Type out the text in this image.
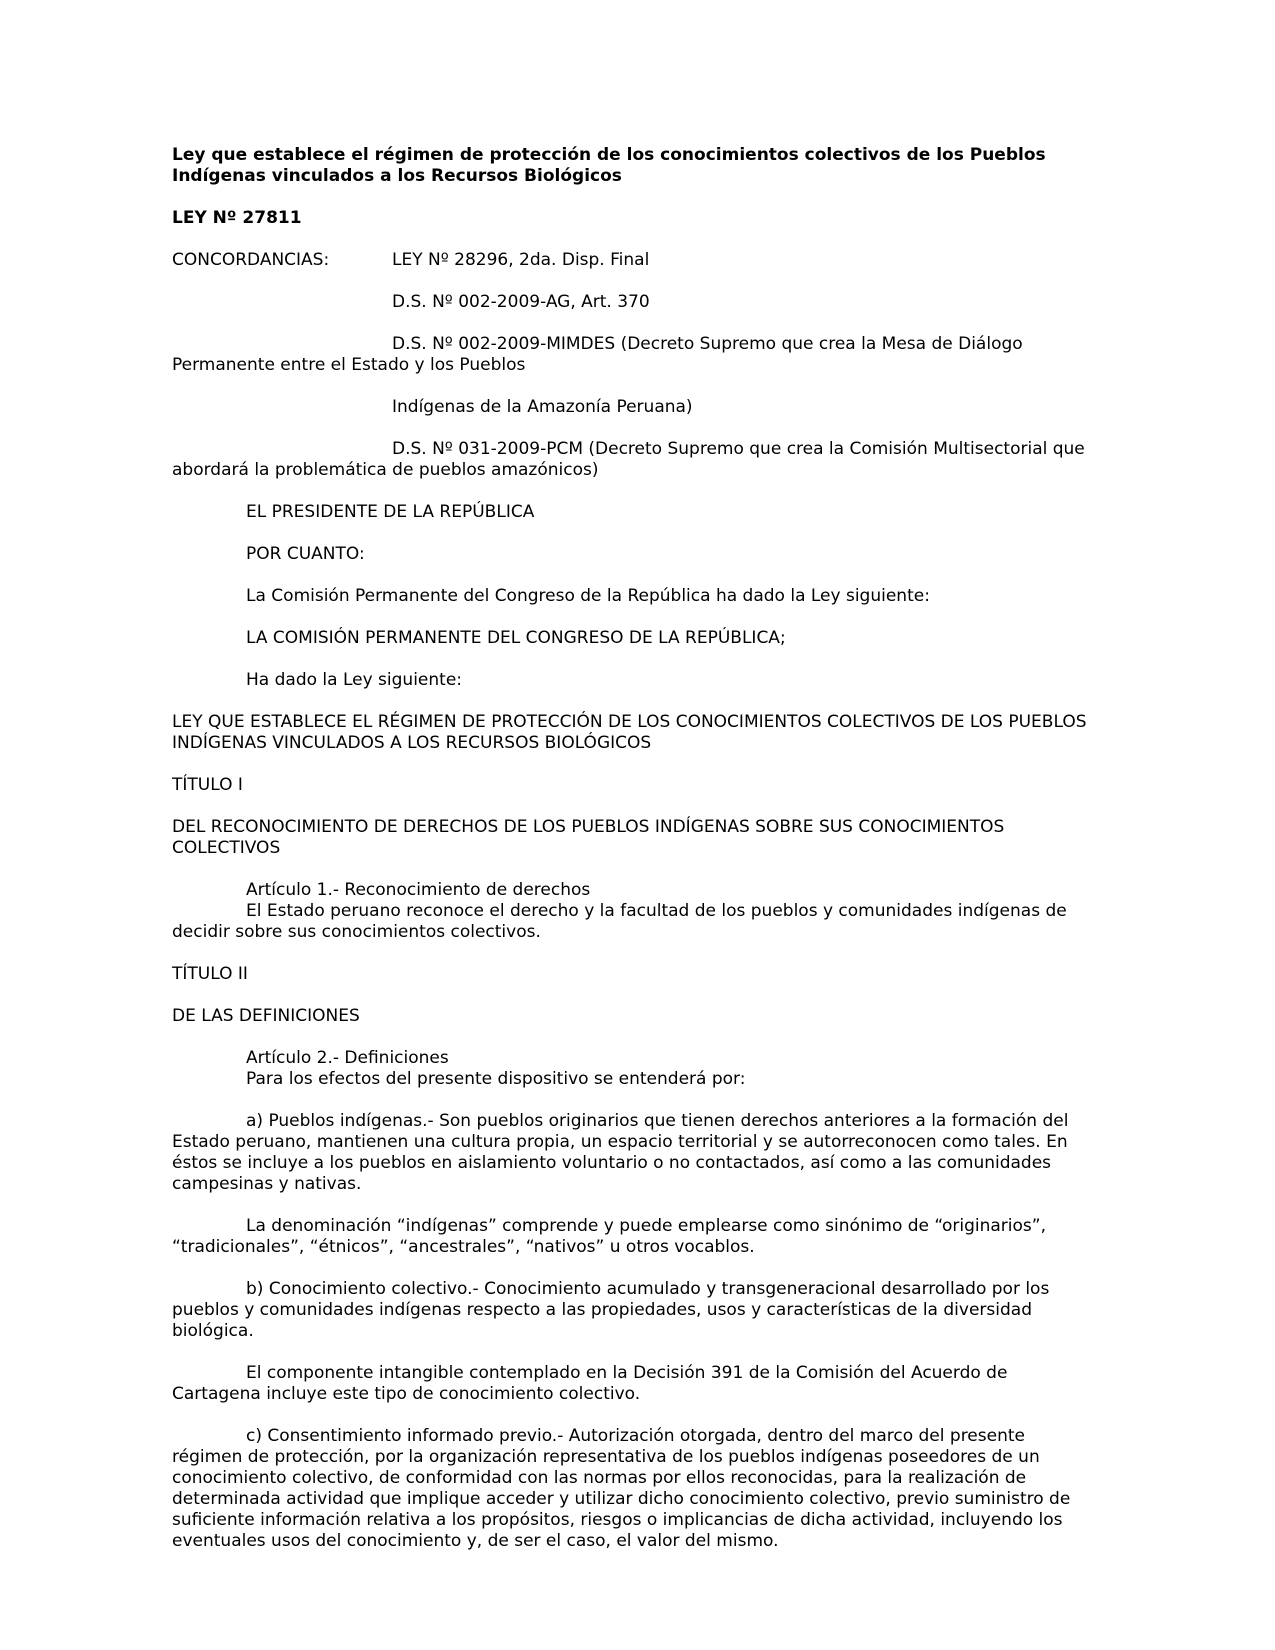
Ley que establece el régimen de protección de los conocimientos colectivos de los Pueblos Indígenas vinculados a los Recursos Biológicos

LEY Nº 27811

CONCORDANCIAS:	LEY Nº 28296, 2da. Disp. Final

D.S. Nº 002-2009-AG, Art. 370

D.S. Nº 002-2009-MIMDES (Decreto Supremo que crea la Mesa de Diálogo Permanente entre el Estado y los Pueblos

Indígenas de la Amazonía Peruana)

D.S. Nº 031-2009-PCM (Decreto Supremo que crea la Comisión Multisectorial que abordará la problemática de pueblos amazónicos)

EL PRESIDENTE DE LA REPÚBLICA

POR CUANTO:

La Comisión Permanente del Congreso de la República ha dado la Ley siguiente:

LA COMISIÓN PERMANENTE DEL CONGRESO DE LA REPÚBLICA;

Ha dado la Ley siguiente:

LEY QUE ESTABLECE EL RÉGIMEN DE PROTECCIÓN DE LOS CONOCIMIENTOS COLECTIVOS DE LOS PUEBLOS INDÍGENAS VINCULADOS A LOS RECURSOS BIOLÓGICOS

TÍTULO I

DEL RECONOCIMIENTO DE DERECHOS DE LOS PUEBLOS INDÍGENAS SOBRE SUS CONOCIMIENTOS COLECTIVOS

Artículo 1.- Reconocimiento de derechos

El Estado peruano reconoce el derecho y la facultad de los pueblos y comunidades indígenas de decidir sobre sus conocimientos colectivos.

TÍTULO II

DE LAS DEFINICIONES

Artículo 2.- Definiciones

Para los efectos del presente dispositivo se entenderá por:

a) Pueblos indígenas.- Son pueblos originarios que tienen derechos anteriores a la formación del Estado peruano, mantienen una cultura propia, un espacio territorial y se autorreconocen como tales. En éstos se incluye a los pueblos en aislamiento voluntario o no contactados, así como a las comunidades campesinas y nativas.

La denominación “indígenas” comprende y puede emplearse como sinónimo de “originarios”, “tradicionales”, “étnicos”, “ancestrales”, “nativos” u otros vocablos.

b) Conocimiento colectivo.- Conocimiento acumulado y transgeneracional desarrollado por los pueblos y comunidades indígenas respecto a las propiedades, usos y características de la diversidad biológica.

El componente intangible contemplado en la Decisión 391 de la Comisión del Acuerdo de Cartagena incluye este tipo de conocimiento colectivo.

c) Consentimiento informado previo.- Autorización otorgada, dentro del marco del presente régimen de protección, por la organización representativa de los pueblos indígenas poseedores de un conocimiento colectivo, de conformidad con las normas por ellos reconocidas, para la realización de determinada actividad que implique acceder y utilizar dicho conocimiento colectivo, previo suministro de suficiente información relativa a los propósitos, riesgos o implicancias de dicha actividad, incluyendo los eventuales usos del conocimiento y, de ser el caso, el valor del mismo.
